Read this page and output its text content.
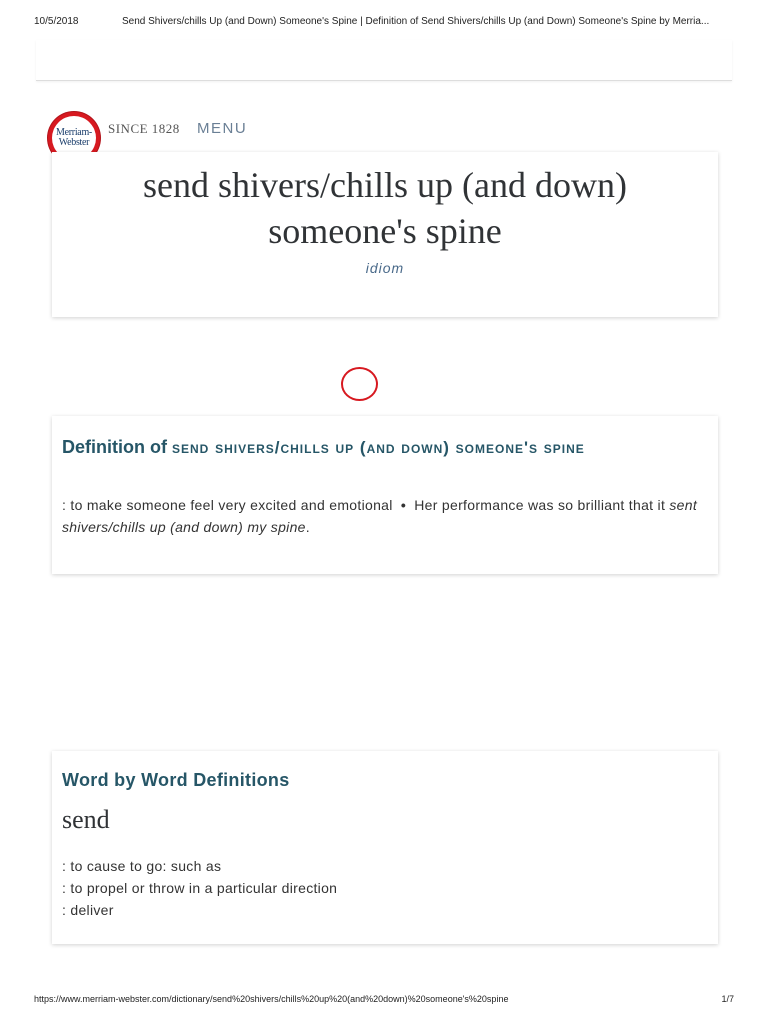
10/5/2018	Send Shivers/chills Up (and Down) Someone's Spine | Definition of Send Shivers/chills Up (and Down) Someone's Spine by Merria...
Merriam-
Webster
SINCE 1828 MENU
send shivers/chills up (and down)
someone's spine
idiom
Definition of send shivers/chills up (and down) someone's spine
: to make someone feel very excited and emotional • Her performance was so brilliant that it sent shivers/chills up (and down) my spine.
Word by Word Definitions
send
: to cause to go: such as
: to propel or throw in a particular direction
: deliver
https://www.merriam-webster.com/dictionary/send%20shivers/chills%20up%20(and%20down)%20someone's%20spine	1/7
